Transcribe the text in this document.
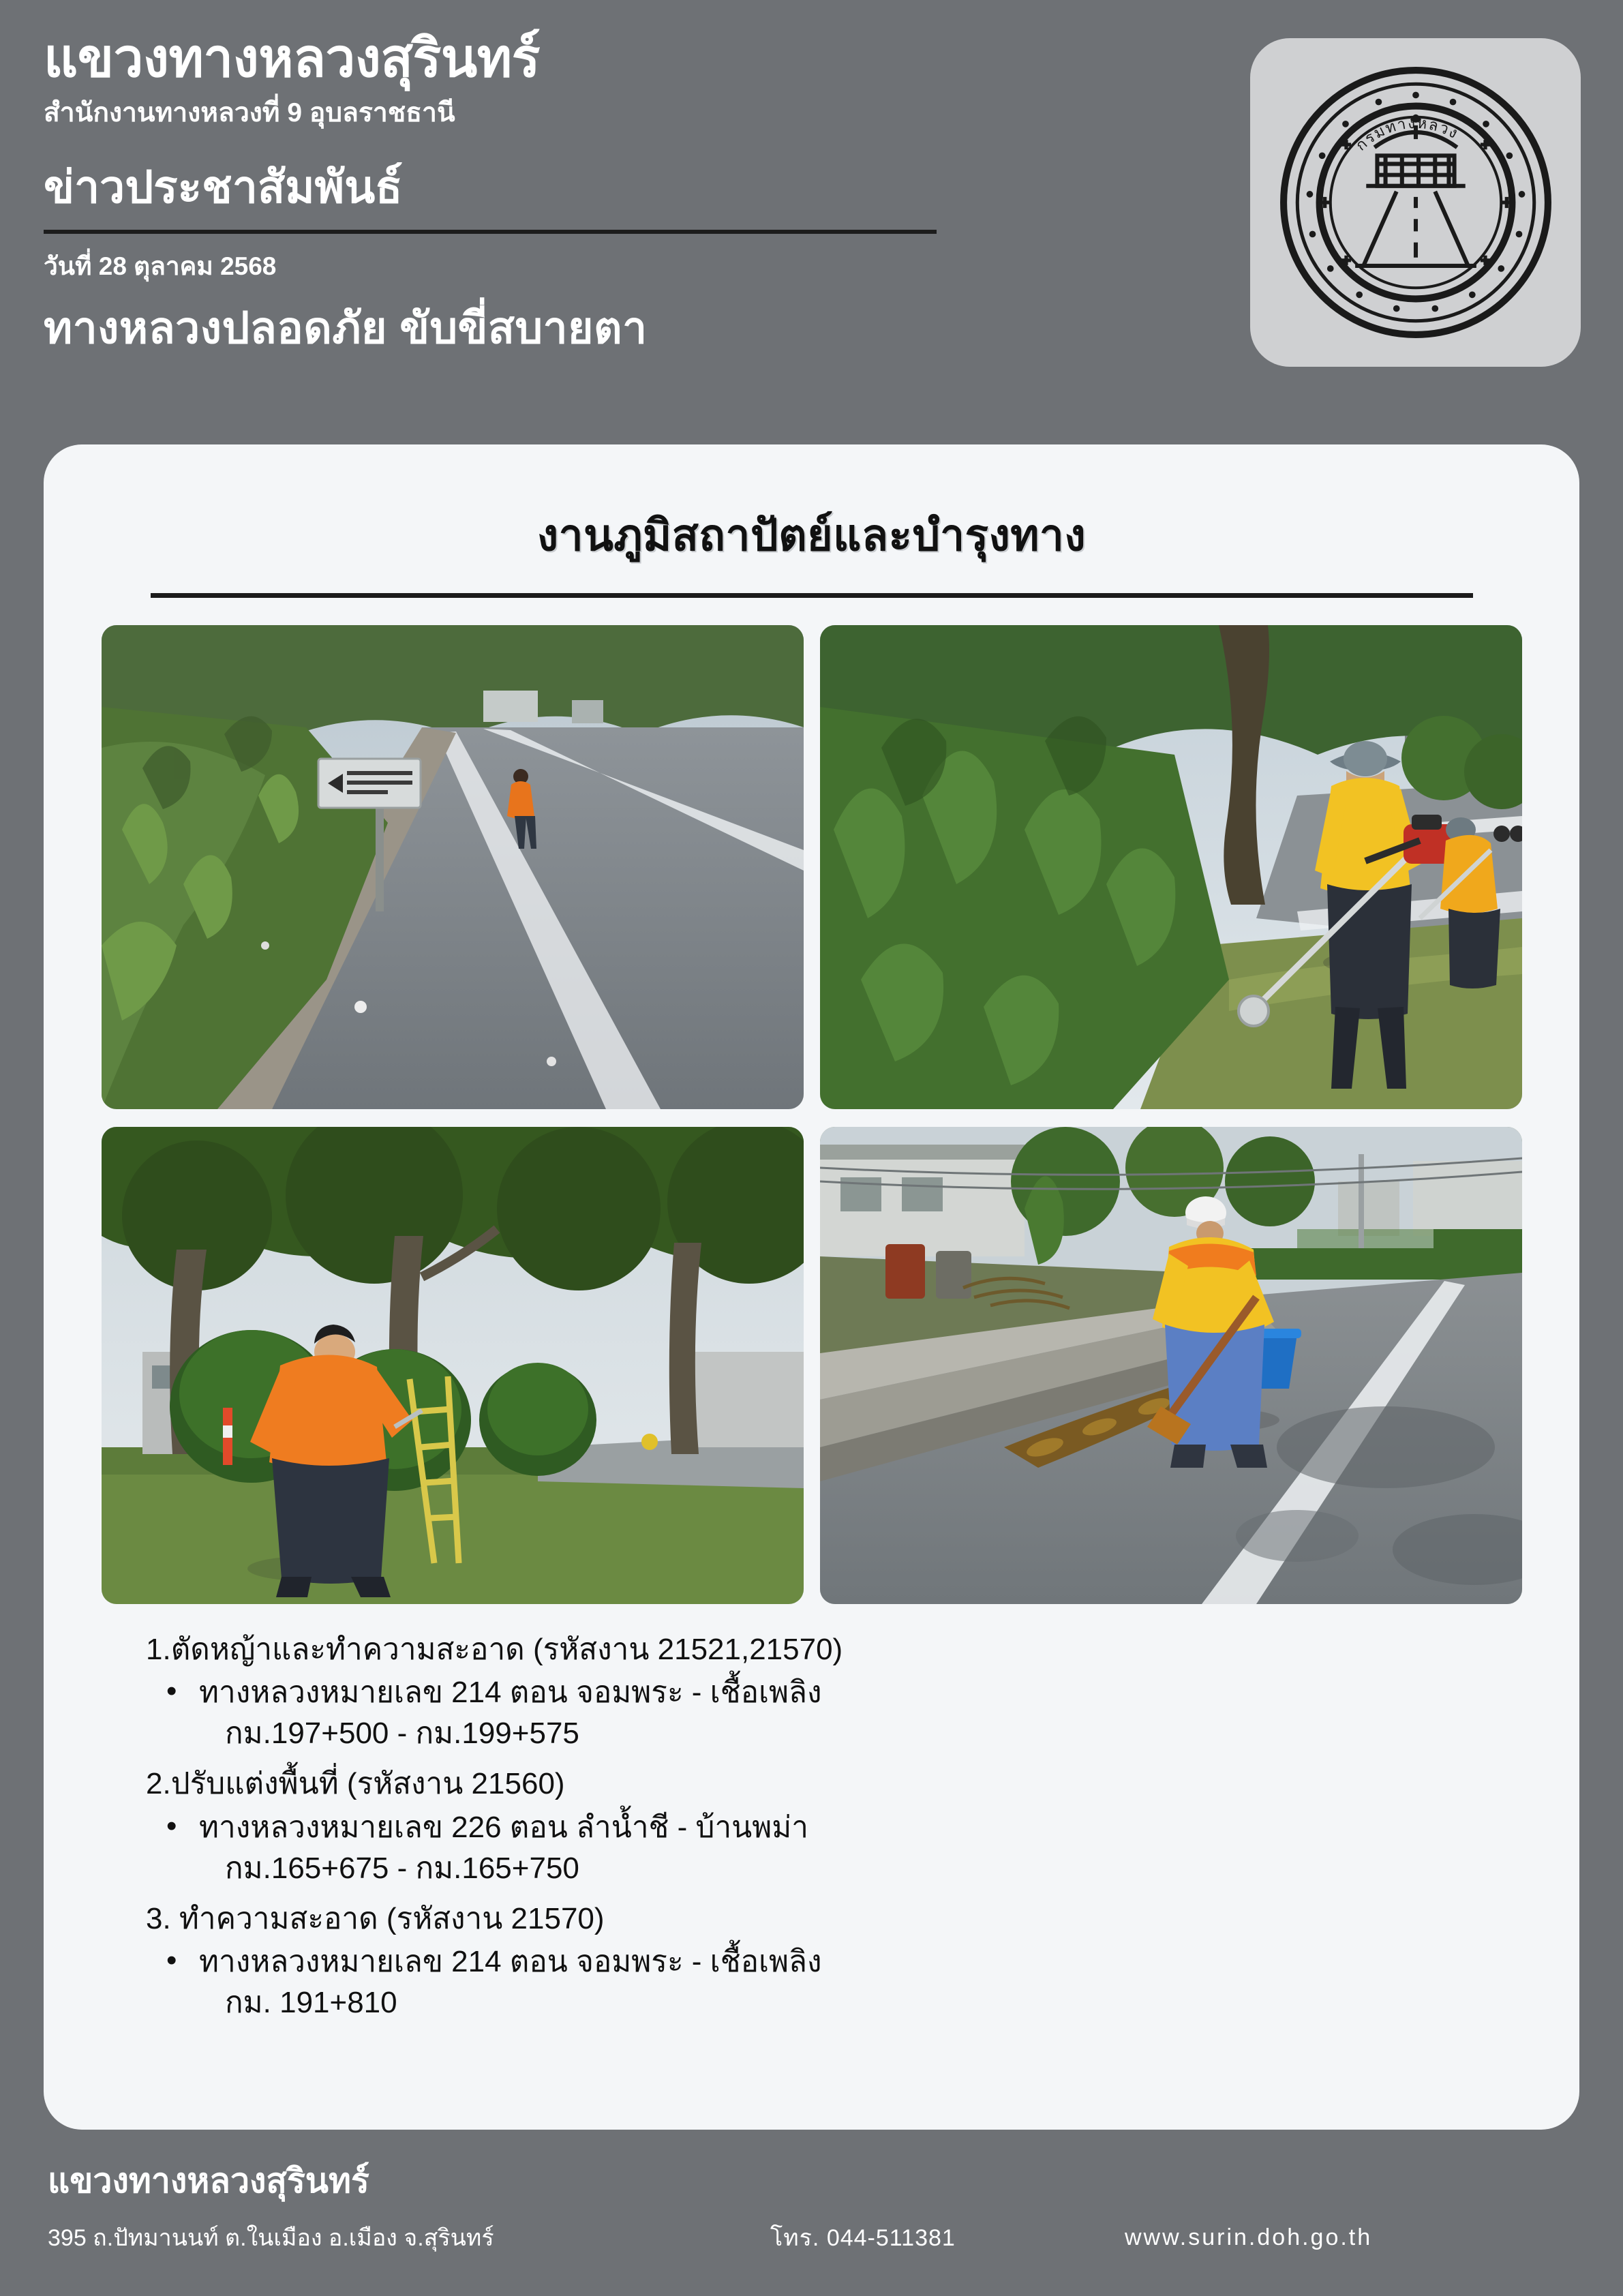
แขวงทางหลวงสุรินทร์
สำนักงานทางหลวงที่ 9 อุบลราชธานี
ข่าวประชาสัมพันธ์
วันที่ 28 ตุลาคม 2568
ทางหลวงปลอดภัย ขับขี่สบายตา
กรมทางหลวง
งานภูมิสถาปัตย์และบำรุงทาง

1.ตัดหญ้าและทำความสะอาด (รหัสงาน 21521,21570)

• ทางหลวงหมายเลข 214 ตอน จอมพระ - เชื้อเพลิง

กม.197+500 - กม.199+575

2.ปรับแต่งพื้นที่ (รหัสงาน 21560)

• ทางหลวงหมายเลข 226 ตอน ลำน้ำชี - บ้านพม่า

กม.165+675 - กม.165+750

3. ทำความสะอาด (รหัสงาน 21570)

• ทางหลวงหมายเลข 214 ตอน จอมพระ - เชื้อเพลิง

กม. 191+810

แขวงทางหลวงสุรินทร์
395 ถ.ปัทมานนท์ ต.ในเมือง อ.เมือง จ.สุรินทร์	โทร. 044-511381	www.surin.doh.go.th
